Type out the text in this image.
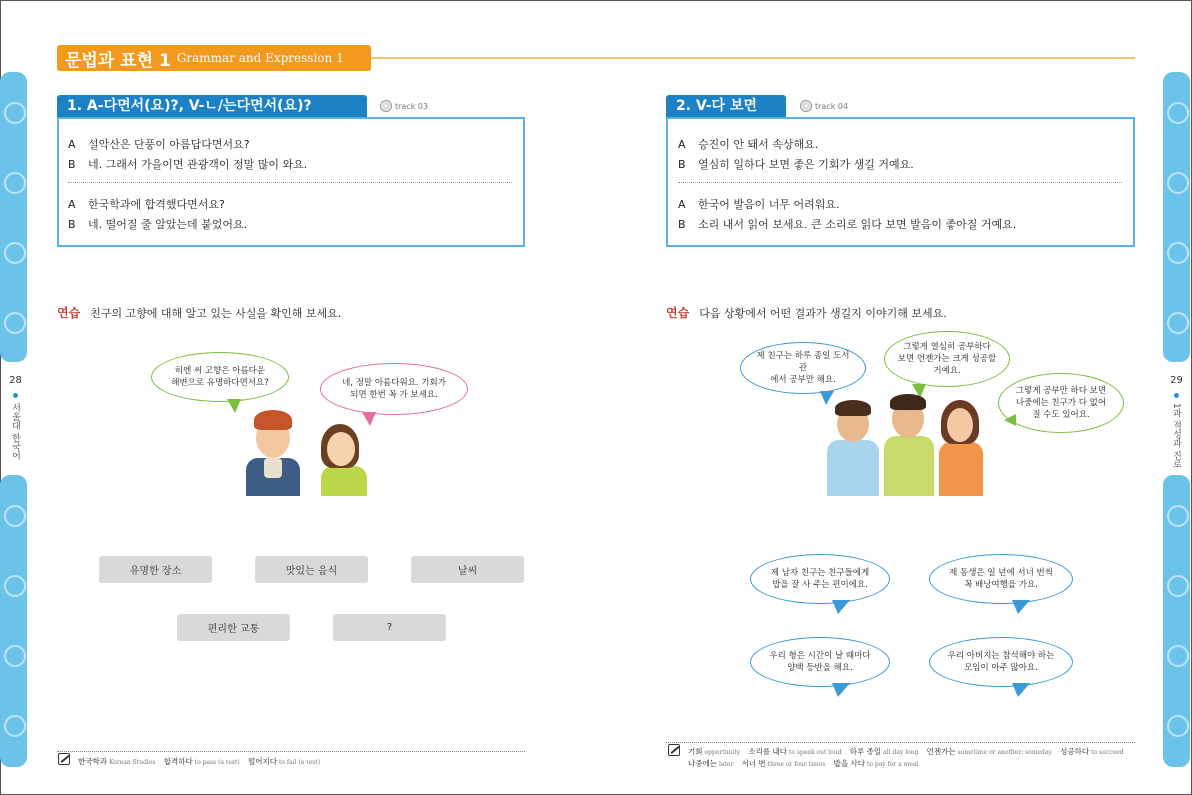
28
서울대 한국어
29
1과 적성과 진로
문법과 표현 1 Grammar and Expression 1
1. A-다면서(요)?, V-ㄴ/는다면서(요)?	track 03
A 설악산은 단풍이 아름답다면서요?
B 네. 그래서 가을이면 관광객이 정말 많이 와요.
A 한국학과에 합격했다면서요?
B 네. 떨어질 줄 알았는데 붙었어요.
2. V-다 보면	track 04
A 승진이 안 돼서 속상해요.
B 열심히 일하다 보면 좋은 기회가 생길 거예요.
A 한국어 발음이 너무 어려워요.
B 소리 내서 읽어 보세요. 큰 소리로 읽다 보면 발음이 좋아질 거예요.
연습 친구의 고향에 대해 알고 있는 사실을 확인해 보세요.
히엔 씨 고향은 아름다운
해변으로 유명하다면서요?	네, 정말 아름다워요. 기회가
되면 한번 꼭 가 보세요.
유명한 장소	맛있는 음식	날씨
편리한 교통	?
연습 다음 상황에서 어떤 결과가 생길지 이야기해 보세요.
제 친구는 하루 종일 도서관
에서 공부만 해요.
그렇게 열심히 공부하다
보면 언젠가는 크게 성공할
거예요.
그렇게 공부만 하다 보면
나중에는 친구가 다 없어
질 수도 있어요.
제 남자 친구는 친구들에게
밥을 잘 사 주는 편이에요.
제 동생은 일 년에 서너 번씩
꼭 배낭여행을 가요.
우리 형은 시간이 날 때마다
양백 등반을 해요.
우리 아버지는 참석해야 하는
모임이 아주 많아요.
한국학과 Korean Studies 합격하다 to pass (a test) 떨어지다 to fail (a test)
기회 opportunity 소리를 내다 to speak out loud 하루 종일 all day long 언젠가는 sometime or another; someday 성공하다 to succeed
나중에는 later 서너 번 three or four times 밥을 사다 to pay for a meal
